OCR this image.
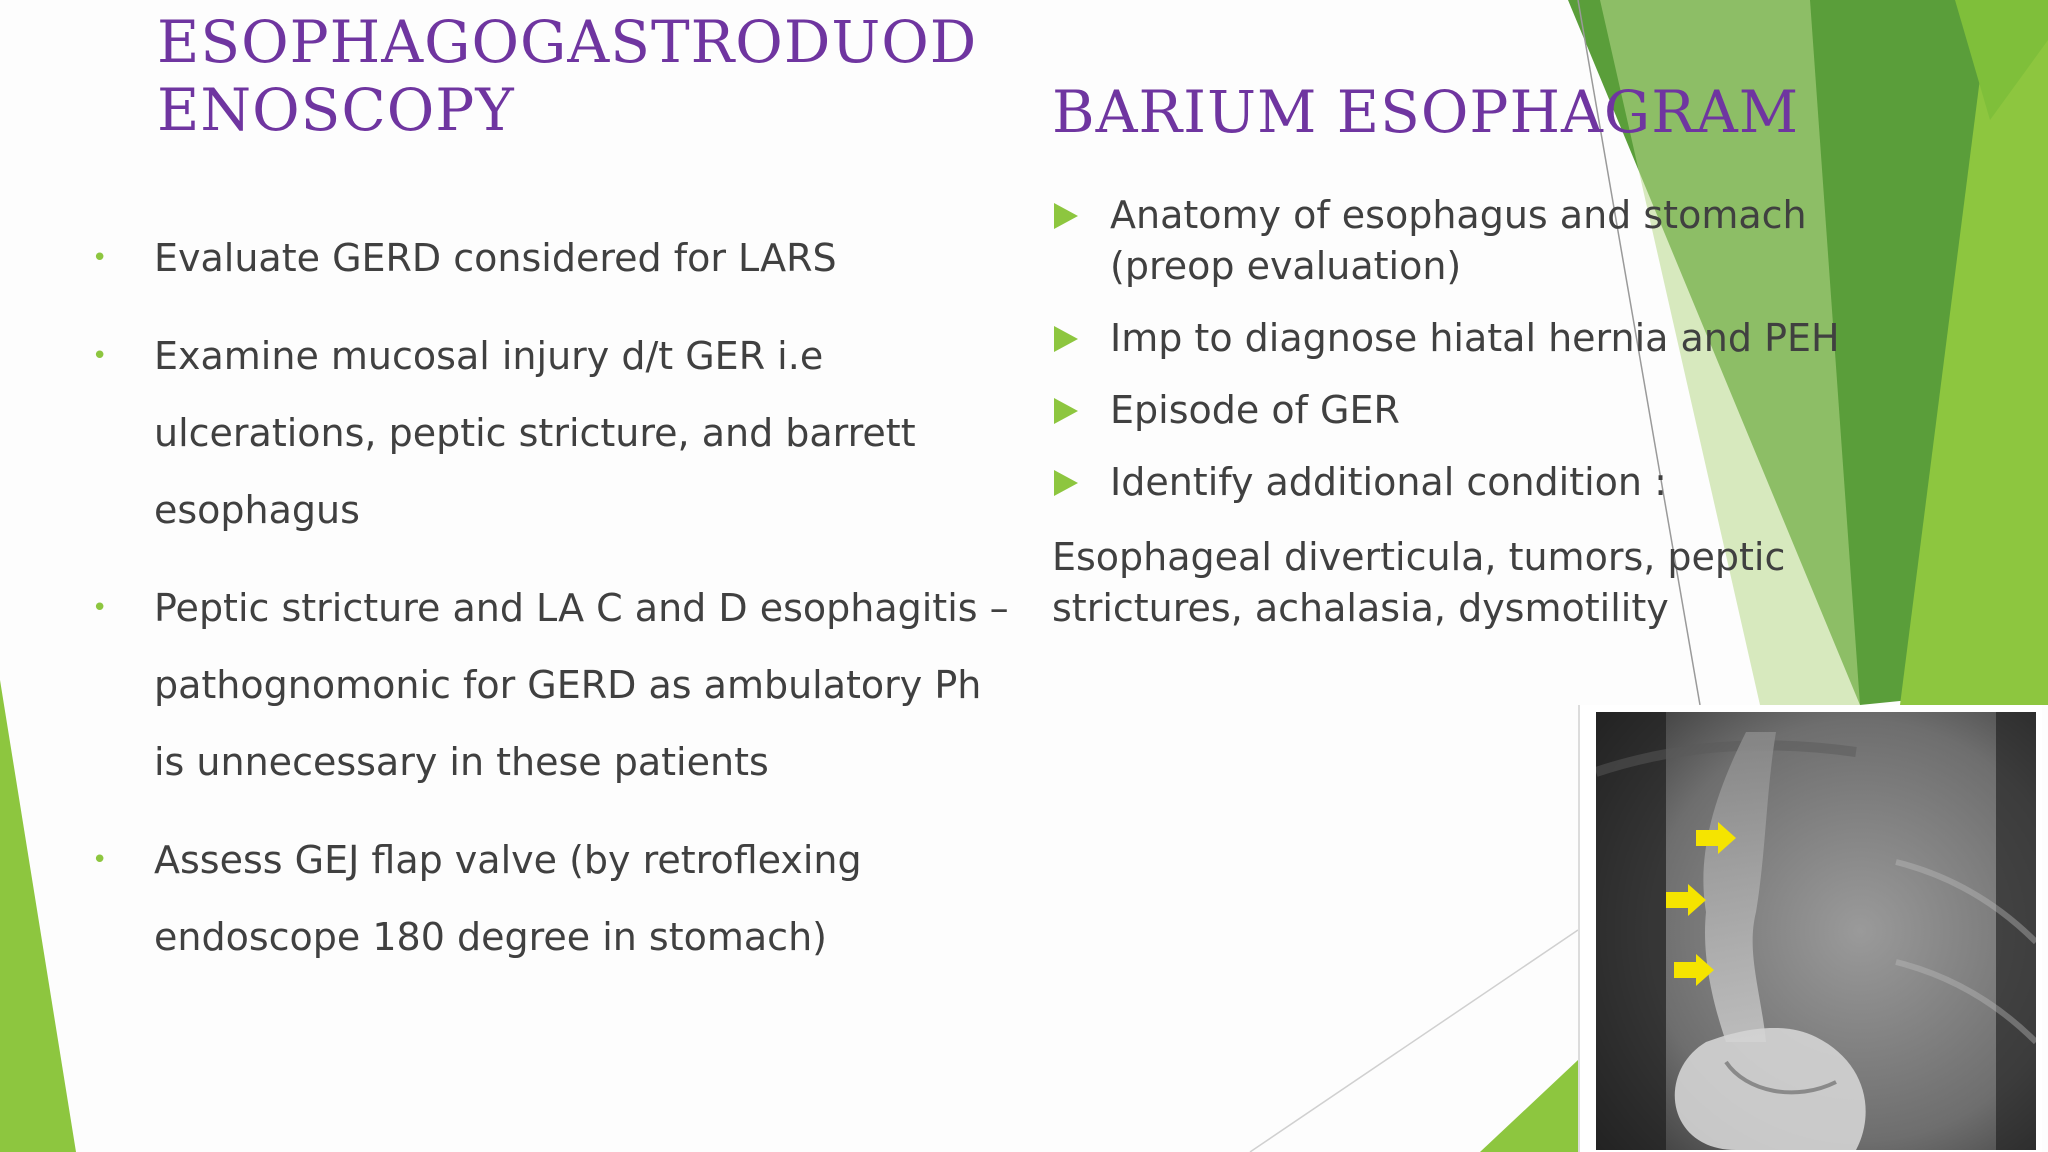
ESOPHAGOGASTRODUOD ENOSCOPY	BARIUM ESOPHAGRAM
• Evaluate GERD considered for LARS
• Examine mucosal injury d/t GER i.e ulcerations, peptic stricture, and barrett esophagus
• Peptic stricture and LA C and D esophagitis – pathognomonic for GERD as ambulatory Ph is unnecessary in these patients
• Assess GEJ flap valve (by retroflexing endoscope 180 degree in stomach)
Anatomy of esophagus and stomach (preop evaluation)
Imp to diagnose hiatal hernia and PEH
Episode of GER
Identify additional condition :

Esophageal diverticula, tumors, peptic strictures, achalasia, dysmotility
